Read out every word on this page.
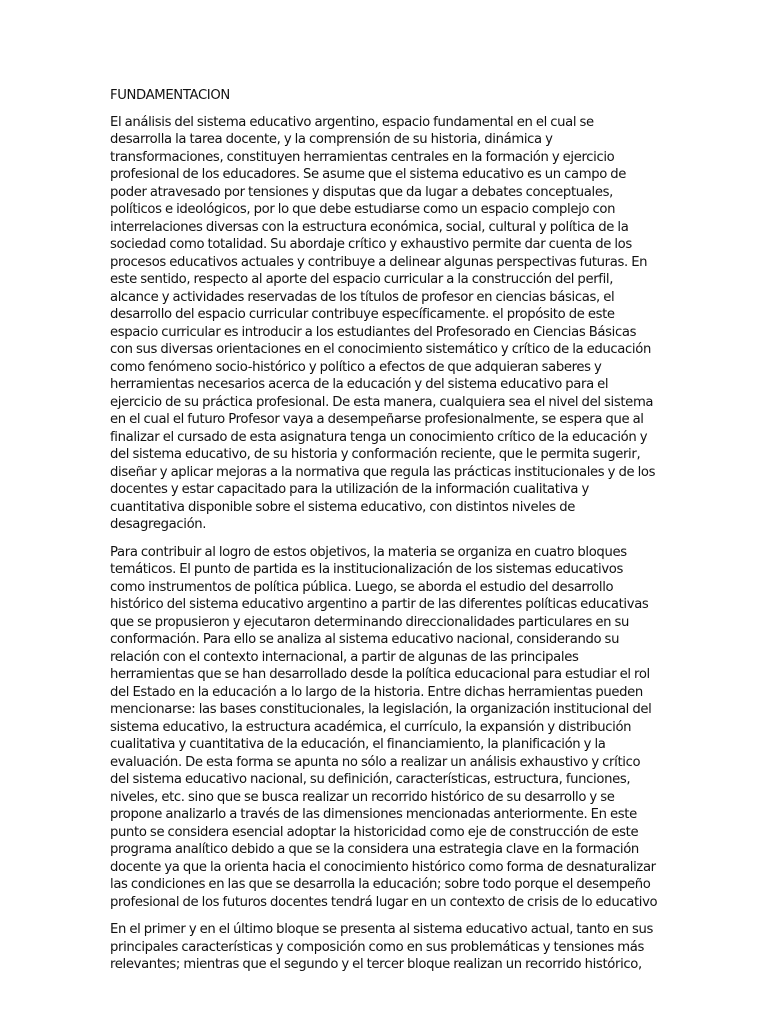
FUNDAMENTACION

El análisis del sistema educativo argentino, espacio fundamental en el cual se desarrolla la tarea docente, y la comprensión de su historia, dinámica y transformaciones, constituyen herramientas centrales en la formación y ejercicio profesional de los educadores. Se asume que el sistema educativo es un campo de poder atravesado por tensiones y disputas que da lugar a debates conceptuales, políticos e ideológicos, por lo que debe estudiarse como un espacio complejo con interrelaciones diversas con la estructura económica, social, cultural y política de la sociedad como totalidad. Su abordaje crítico y exhaustivo permite dar cuenta de los procesos educativos actuales y contribuye a delinear algunas perspectivas futuras. En este sentido, respecto al aporte del espacio curricular a la construcción del perfil, alcance y actividades reservadas de los títulos de profesor en ciencias básicas, el desarrollo del espacio curricular contribuye específicamente. el propósito de este espacio curricular es introducir a los estudiantes del Profesorado en Ciencias Básicas con sus diversas orientaciones en el conocimiento sistemático y crítico de la educación como fenómeno socio-histórico y político a efectos de que adquieran saberes y herramientas necesarios acerca de la educación y del sistema educativo para el ejercicio de su práctica profesional. De esta manera, cualquiera sea el nivel del sistema en el cual el futuro Profesor vaya a desempeñarse profesionalmente, se espera que al finalizar el cursado de esta asignatura tenga un conocimiento crítico de la educación y del sistema educativo, de su historia y conformación reciente, que le permita sugerir, diseñar y aplicar mejoras a la normativa que regula las prácticas institucionales y de los docentes y estar capacitado para la utilización de la información cualitativa y cuantitativa disponible sobre el sistema educativo, con distintos niveles de desagregación.

Para contribuir al logro de estos objetivos, la materia se organiza en cuatro bloques temáticos. El punto de partida es la institucionalización de los sistemas educativos como instrumentos de política pública. Luego, se aborda el estudio del desarrollo histórico del sistema educativo argentino a partir de las diferentes políticas educativas que se propusieron y ejecutaron determinando direccionalidades particulares en su conformación. Para ello se analiza al sistema educativo nacional, considerando su relación con el contexto internacional, a partir de algunas de las principales herramientas que se han desarrollado desde la política educacional para estudiar el rol del Estado en la educación a lo largo de la historia. Entre dichas herramientas pueden mencionarse: las bases constitucionales, la legislación, la organización institucional del sistema educativo, la estructura académica, el currículo, la expansión y distribución cualitativa y cuantitativa de la educación, el financiamiento, la planificación y la evaluación. De esta forma se apunta no sólo a realizar un análisis exhaustivo y crítico del sistema educativo nacional, su definición, características, estructura, funciones, niveles, etc. sino que se busca realizar un recorrido histórico de su desarrollo y se propone analizarlo a través de las dimensiones mencionadas anteriormente. En este punto se considera esencial adoptar la historicidad como eje de construcción de este programa analítico debido a que se la considera una estrategia clave en la formación docente ya que la orienta hacia el conocimiento histórico como forma de desnaturalizar las condiciones en las que se desarrolla la educación; sobre todo porque el desempeño profesional de los futuros docentes tendrá lugar en un contexto de crisis de lo educativo

En el primer y en el último bloque se presenta al sistema educativo actual, tanto en sus principales características y composición como en sus problemáticas y tensiones más relevantes; mientras que el segundo y el tercer bloque realizan un recorrido histórico,
